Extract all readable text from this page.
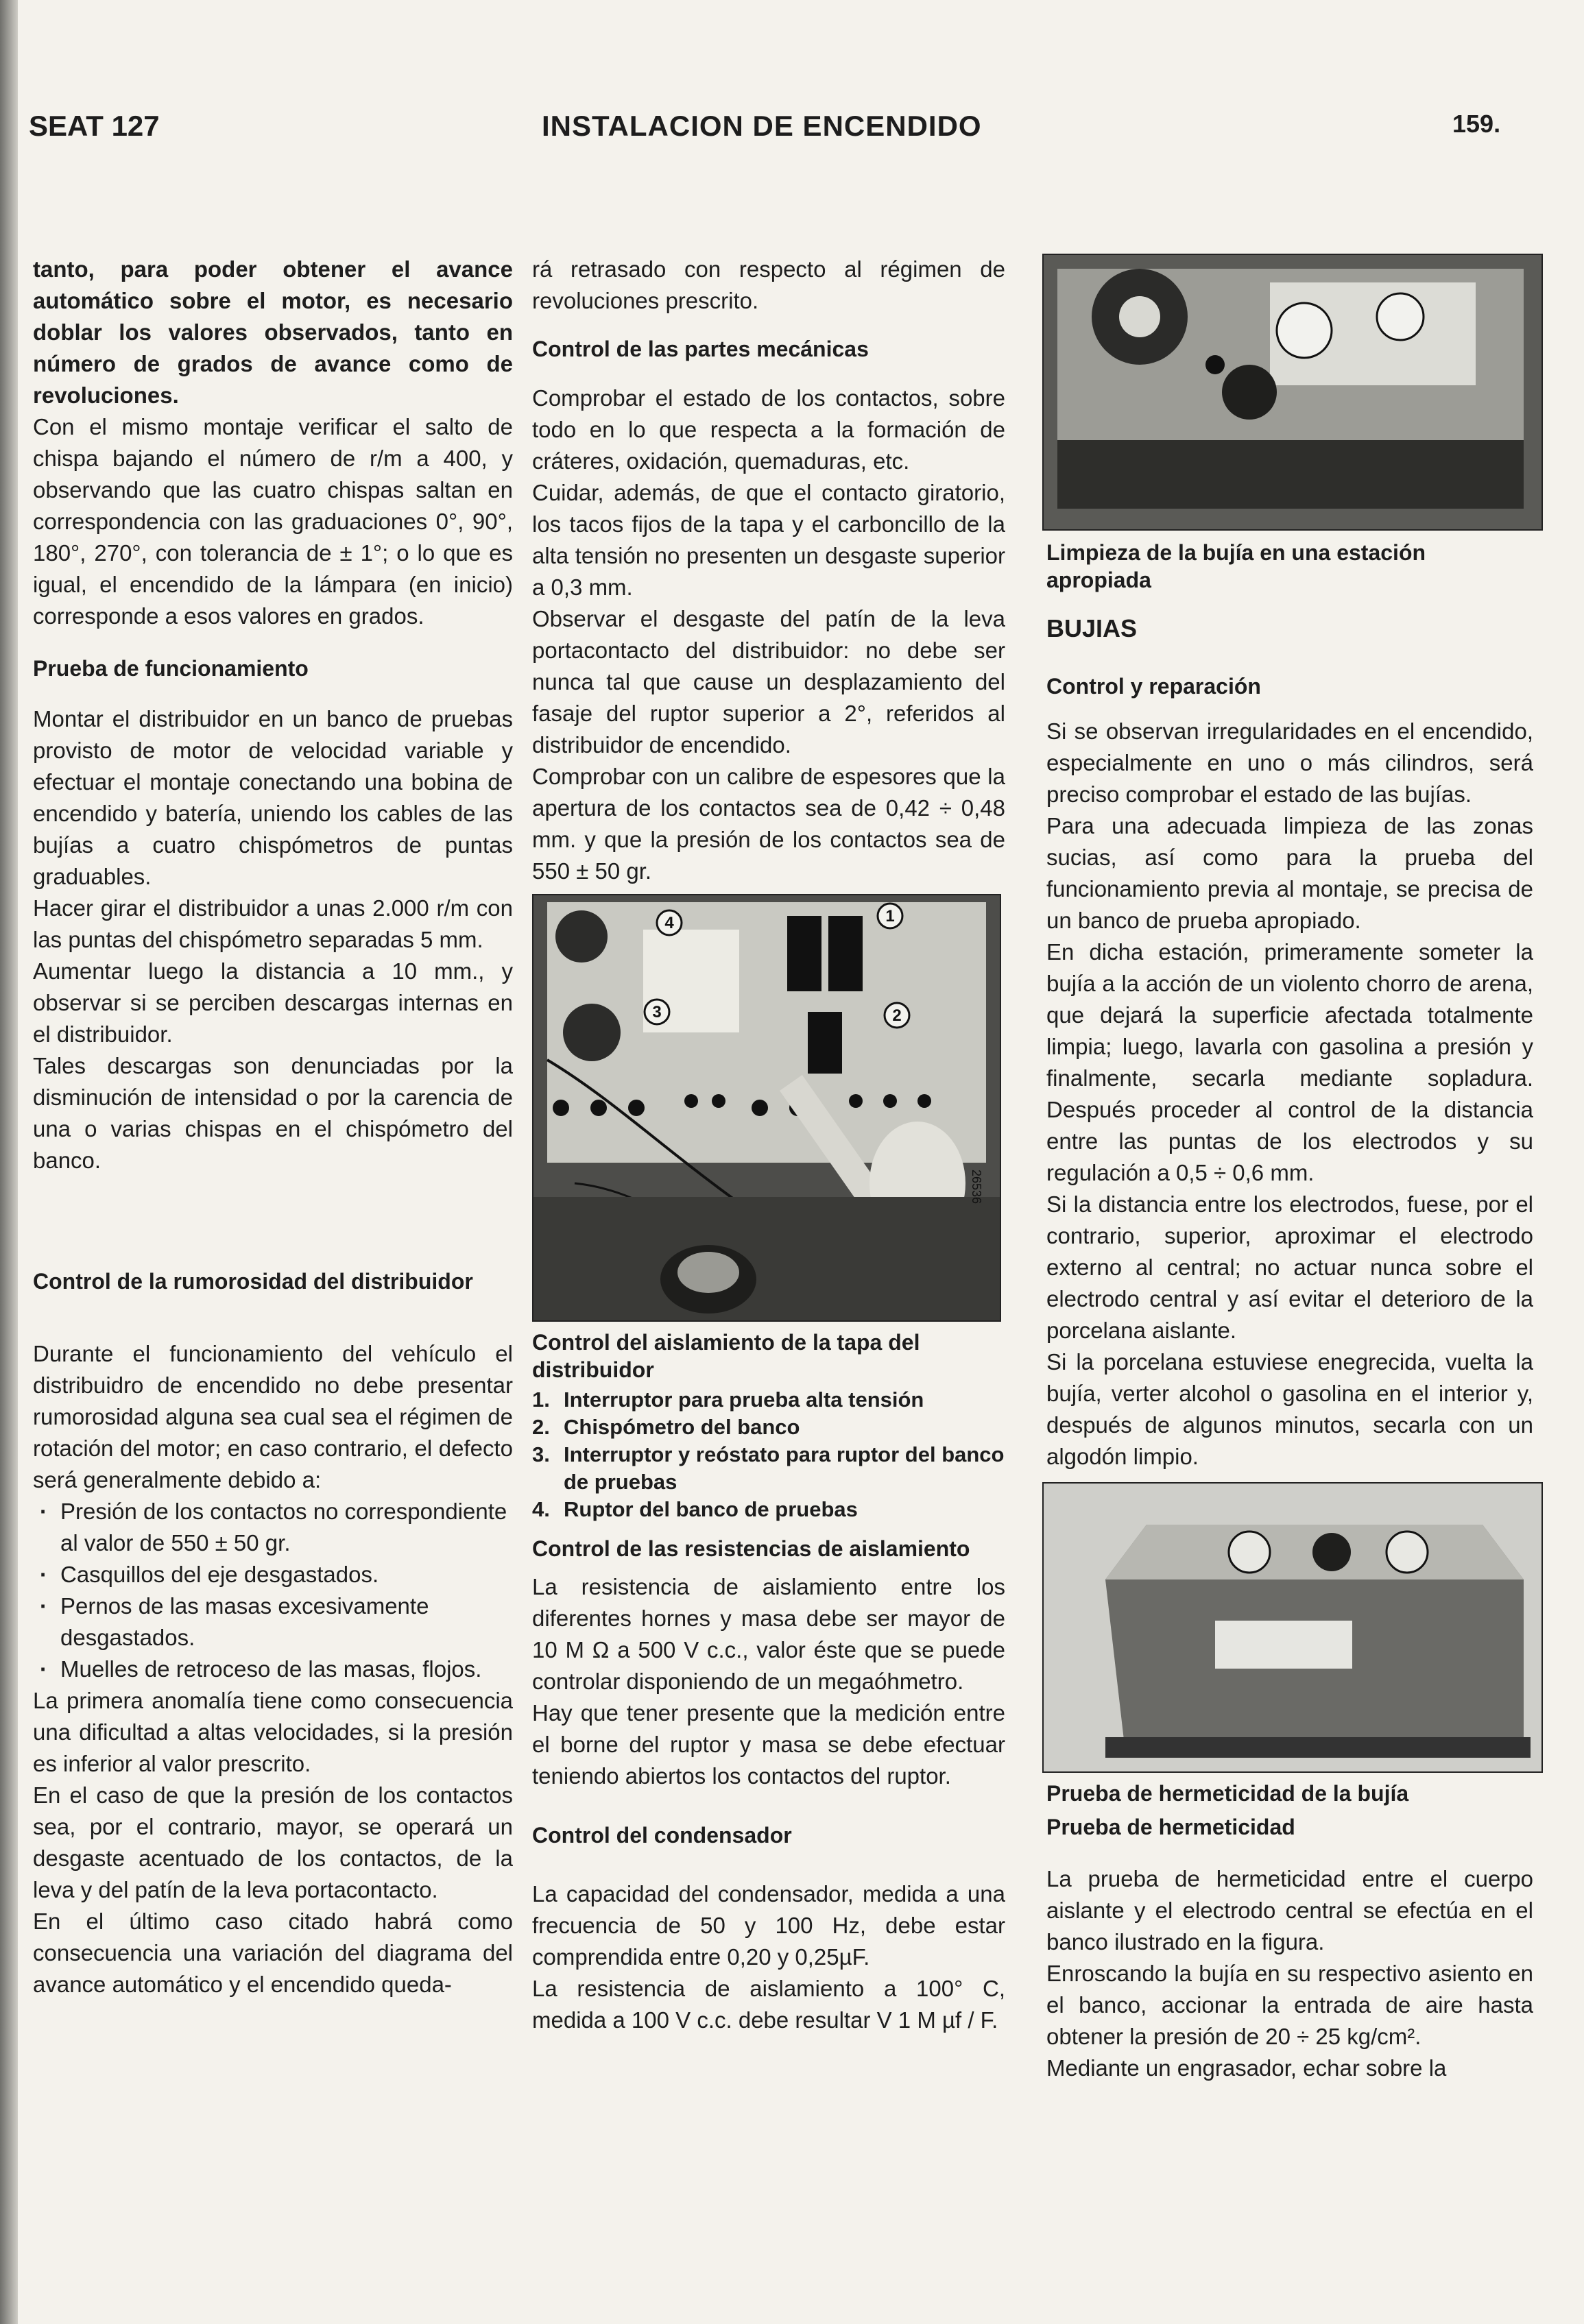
SEAT 127	INSTALACION DE ENCENDIDO	159.

tanto, para poder obtener el avance automático sobre el motor, es necesario doblar los valores observados, tanto en número de grados de avance como de revoluciones.

Con el mismo montaje verificar el salto de chispa bajando el número de r/m a 400, y observando que las cuatro chispas saltan en correspondencia con las graduaciones 0°, 90°, 180°, 270°, con tolerancia de ± 1°; o lo que es igual, el encendido de la lámpara (en inicio) corresponde a esos valores en grados.

Prueba de funcionamiento

Montar el distribuidor en un banco de pruebas provisto de motor de velocidad variable y efectuar el montaje conectando una bobina de encendido y batería, uniendo los cables de las bujías a cuatro chispómetros de puntas graduables.

Hacer girar el distribuidor a unas 2.000 r/m con las puntas del chispómetro separadas 5 mm.

Aumentar luego la distancia a 10 mm., y observar si se perciben descargas internas en el distribuidor.

Tales descargas son denunciadas por la disminución de intensidad o por la carencia de una o varias chispas en el chispómetro del banco.

Control de la rumorosidad del distribuidor

Durante el funcionamiento del vehículo el distribuidro de encendido no debe presentar rumorosidad alguna sea cual sea el régimen de rotación del motor; en caso contrario, el defecto será generalmente debido a:

· Presión de los contactos no correspondiente al valor de 550 ± 50 gr.
· Casquillos del eje desgastados.
· Pernos de las masas excesivamente desgastados.
· Muelles de retroceso de las masas, flojos.

La primera anomalía tiene como consecuencia una dificultad a altas velocidades, si la presión es inferior al valor prescrito.

En el caso de que la presión de los contactos sea, por el contrario, mayor, se operará un desgaste acentuado de los contactos, de la leva y del patín de la leva portacontacto.

En el último caso citado habrá como consecuencia una variación del diagrama del avance automático y el encendido queda-

rá retrasado con respecto al régimen de revoluciones prescrito.

Control de las partes mecánicas

Comprobar el estado de los contactos, sobre todo en lo que respecta a la formación de cráteres, oxidación, quemaduras, etc.

Cuidar, además, de que el contacto giratorio, los tacos fijos de la tapa y el carboncillo de la alta tensión no presenten un desgaste superior a 0,3 mm.

Observar el desgaste del patín de la leva portacontacto del distribuidor: no debe ser nunca tal que cause un desplazamiento del fasaje del ruptor superior a 2°, referidos al distribuidor de encendido.

Comprobar con un calibre de espesores que la apertura de los contactos sea de 0,42 ÷ 0,48 mm. y que la presión de los contactos sea de 550 ± 50 gr.

4	1
3	2
26536
Control del aislamiento de la tapa del distribuidor
1. Interruptor para prueba alta tensión
2. Chispómetro del banco
3. Interruptor y reóstato para ruptor del banco de pruebas
4. Ruptor del banco de pruebas
Control de las resistencias de aislamiento

La resistencia de aislamiento entre los diferentes hornes y masa debe ser mayor de 10 M Ω a 500 V c.c., valor éste que se puede controlar disponiendo de un megaóhmetro.

Hay que tener presente que la medición entre el borne del ruptor y masa se debe efectuar teniendo abiertos los contactos del ruptor.

Control del condensador

La capacidad del condensador, medida a una frecuencia de 50 y 100 Hz, debe estar comprendida entre 0,20 y 0,25µF.

La resistencia de aislamiento a 100° C, medida a 100 V c.c. debe resultar V 1 M µf / F.

Limpieza de la bujía en una estación apropiada
BUJIAS
Control y reparación

Si se observan irregularidades en el encendido, especialmente en uno o más cilindros, será preciso comprobar el estado de las bujías.

Para una adecuada limpieza de las zonas sucias, así como para la prueba del funcionamiento previa al montaje, se precisa de un banco de prueba apropiado.

En dicha estación, primeramente someter la bujía a la acción de un violento chorro de arena, que dejará la superficie afectada totalmente limpia; luego, lavarla con gasolina a presión y finalmente, secarla mediante sopladura. Después proceder al control de la distancia entre las puntas de los electrodos y su regulación a 0,5 ÷ 0,6 mm.

Si la distancia entre los electrodos, fuese, por el contrario, superior, aproximar el electrodo externo al central; no actuar nunca sobre el electrodo central y así evitar el deterioro de la porcelana aislante.

Si la porcelana estuviese enegrecida, vuelta la bujía, verter alcohol o gasolina en el interior y, después de algunos minutos, secarla con un algodón limpio.

Prueba de hermeticidad de la bujía
Prueba de hermeticidad

La prueba de hermeticidad entre el cuerpo aislante y el electrodo central se efectúa en el banco ilustrado en la figura.

Enroscando la bujía en su respectivo asiento en el banco, accionar la entrada de aire hasta obtener la presión de 20 ÷ 25 kg/cm².

Mediante un engrasador, echar sobre la
